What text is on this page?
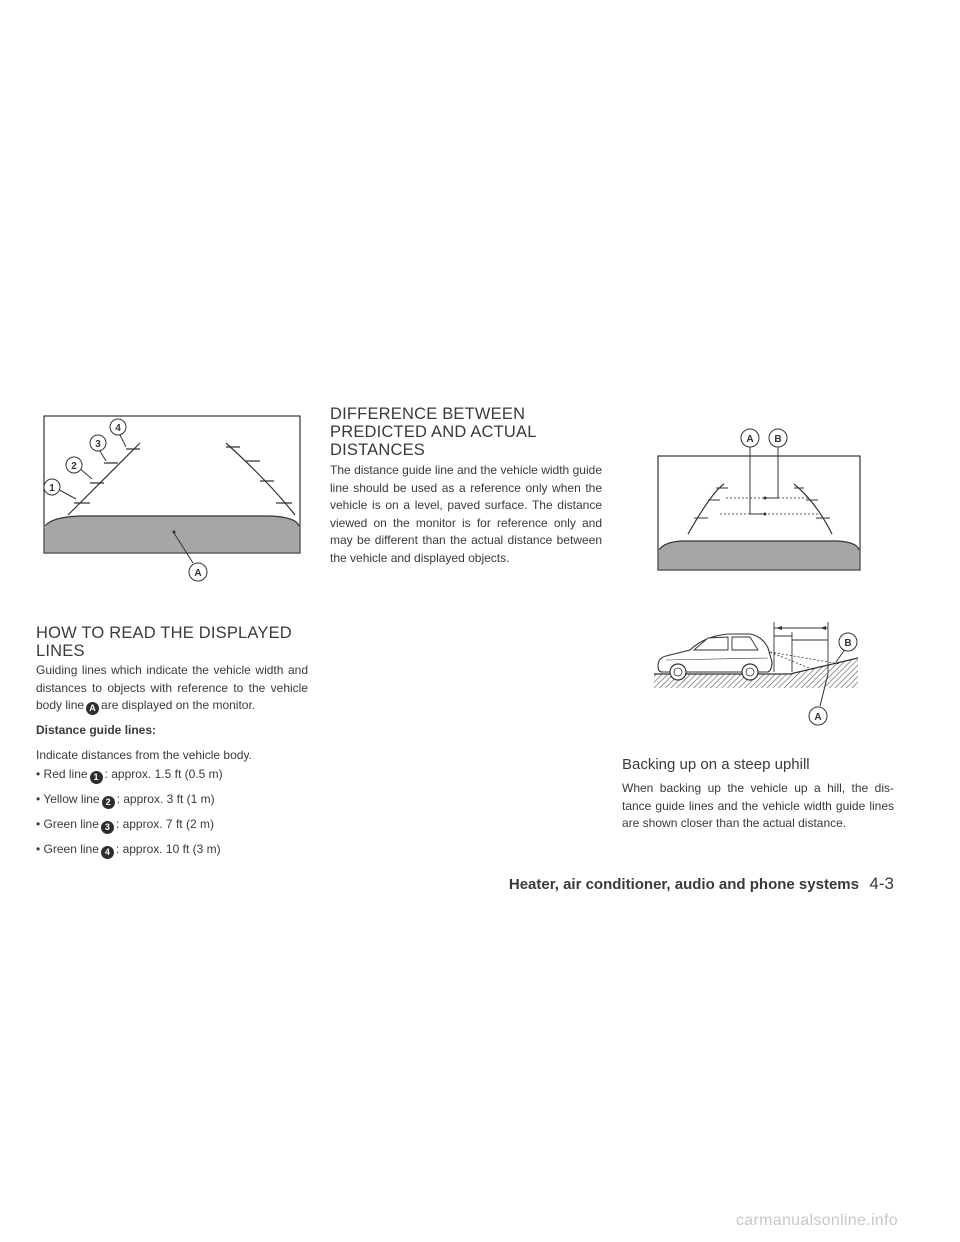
1
2
3
4
A
HOW TO READ THE DISPLAYED
LINES

Guiding lines which indicate the vehicle width and distances to objects with reference to the vehicle body line A are displayed on the monitor.

Distance guide lines:

Indicate distances from the vehicle body.

• Red line 1 : approx. 1.5 ft (0.5 m)
• Yellow line 2 : approx. 3 ft (1 m)
• Green line 3 : approx. 7 ft (2 m)
• Green line 4 : approx. 10 ft (3 m)
DIFFERENCE BETWEEN
PREDICTED AND ACTUAL
DISTANCES
The distance guide line and the vehicle width guide line should be used as a reference only when the vehicle is on a level, paved surface. The distance viewed on the monitor is for reference only and may be different than the actual distance between the vehicle and displayed objects.
A B
B
A
Backing up on a steep uphill
When backing up the vehicle up a hill, the dis- tance guide lines and the vehicle width guide lines are shown closer than the actual distance.
Heater, air conditioner, audio and phone systems 4-3
carmanualsonline.info
